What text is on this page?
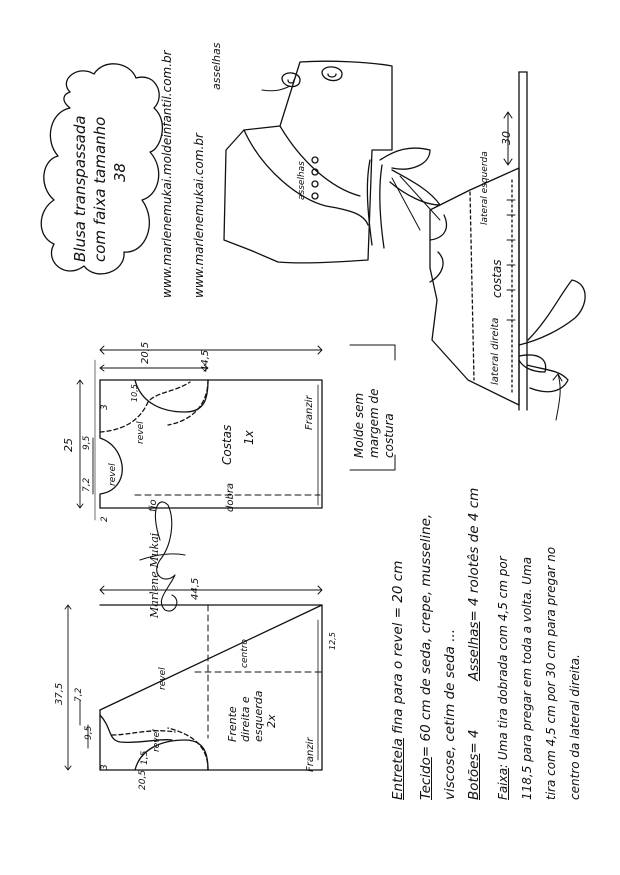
Blusa transpassada com faixa tamanho 38	www.marlenemukai.moldeinfantil.com.br www.marlenemukai.com.br
asselhas
asselhas
lateral direita
costas
lateral esquerda
30
44,5
20,5
25 9,5
7,2
3
2
10,5
revel
revel
Costas 1x
fio	dobra
Franzir
44,5
37,5 7,2
9,5
3
20,5
1,5
12,5
revel
revel	Frente direita e esquerda 2x
centro
Franzir
Molde sem margem de costura
Marlene Mukai
Entretela fina para o revel = 20 cm
Tecido= 60 cm de seda, crepe, musseline, viscose, cetim de seda ... Botões= 4  Asselhas= 4 rolotês de 4 cm
Faixa: Uma tira dobrada com 4,5 cm por 118,5 para pregar em toda a volta. Uma tira com 4,5 cm por 30 cm para pregar no centro da lateral direita.
